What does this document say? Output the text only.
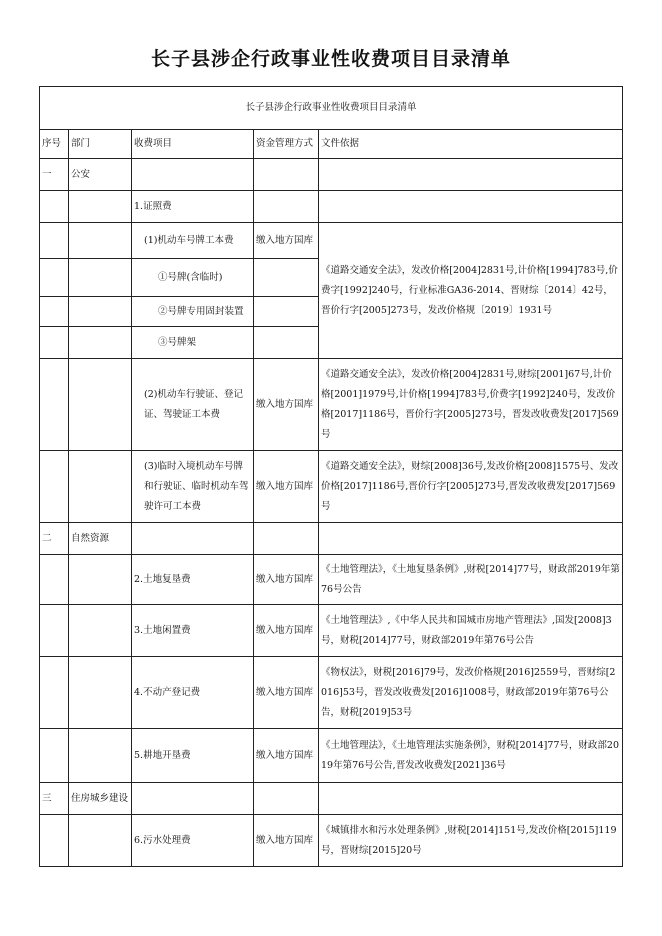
长子县涉企行政事业性收费项目目录清单
长子县涉企行政事业性收费项目目录清单				
序号	部门	收费项目	资金管理方式	文件依据
一	公安			
		1.证照费		
		(1)机动车号牌工本费	缴入地方国库	《道路交通安全法》，发改价格[2004]2831号,计价格[1994]783号,价费字[1992]240号，行业标准GA36-2014、晋财综〔2014〕42号，晋价行字[2005]273号，发改价格规〔2019〕1931号
		①号牌(含临时)		
		②号牌专用固封装置		
		③号牌架		
		(2)机动车行驶证、登记证、驾驶证工本费	缴入地方国库	《道路交通安全法》，发改价格[2004]2831号,财综[2001]67号,计价格[2001]1979号,计价格[1994]783号,价费字[1992]240号，发改价格[2017]1186号，晋价行字[2005]273号，晋发改收费发[2017]569号
		(3)临时入境机动车号牌和行驶证、临时机动车驾驶许可工本费	缴入地方国库	《道路交通安全法》，财综[2008]36号,发改价格[2008]1575号、发改价格[2017]1186号,晋价行字[2005]273号,晋发改收费发[2017]569号
二	自然资源			
		2.土地复垦费	缴入地方国库	《土地管理法》，《土地复垦条例》,财税[2014]77号，财政部2019年第76号公告
		3.土地闲置费	缴入地方国库	《土地管理法》,《中华人民共和国城市房地产管理法》,国发[2008]3号，财税[2014]77号，财政部2019年第76号公告
		4.不动产登记费	缴入地方国库	《物权法》，财税[2016]79号，发改价格规[2016]2559号，晋财综[2016]53号，晋发改收费发[2016]1008号，财政部2019年第76号公告，财税[2019]53号
		5.耕地开垦费	缴入地方国库	《土地管理法》，《土地管理法实施条例》，财税[2014]77号，财政部2019年第76号公告,晋发改收费发[2021]36号
三	住房城乡建设			
		6.污水处理费	缴入地方国库	《城镇排水和污水处理条例》,财税[2014]151号,发改价格[2015]119号，晋财综[2015]20号
